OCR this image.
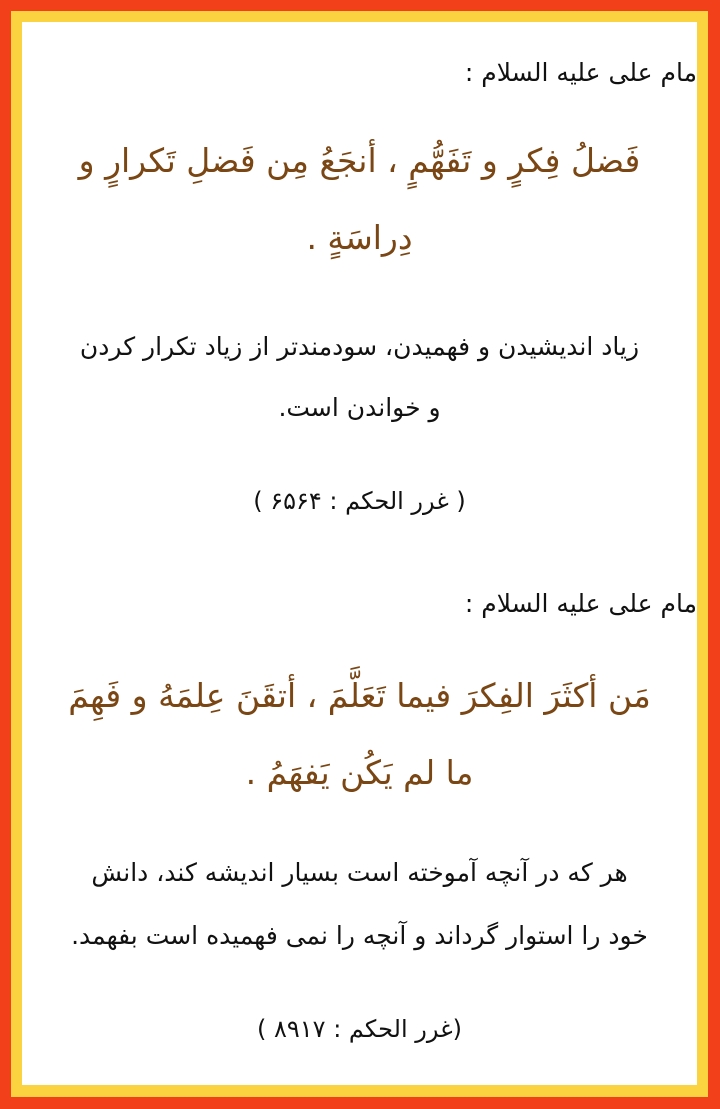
مام علی علیه السلام :
فَضلُ فِکرٍ و تَفَهُّمٍ ، أنجَعُ مِن فَضلِ تَکرارٍ و
دِراسَةٍ .
زیاد اندیشیدن و فهمیدن، سودمندتر از زیاد تکرار کردن
و خواندن است.
( غرر الحکم : ۶۵۶۴ )
مام علی علیه السلام :
مَن أکثَرَ الفِکرَ فیما تَعَلَّمَ ، أتقَنَ عِلمَهُ و فَهِمَ
ما لم یَکُن یَفهَمُ .
هر که در آنچه آموخته است بسیار اندیشه کند، دانش
خود را استوار گرداند و آنچه را نمی فهمیده است بفهمد.
(غرر الحکم : ۸۹۱۷ )
